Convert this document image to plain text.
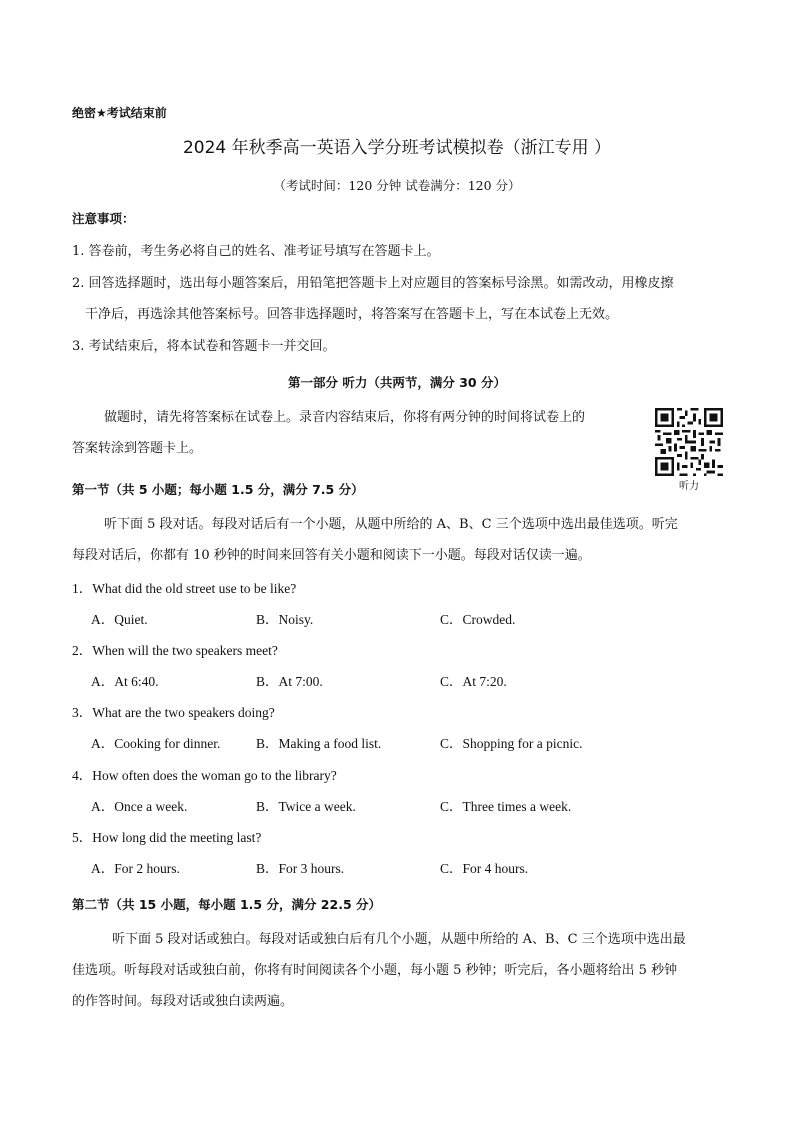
绝密★考试结束前
2024 年秋季高一英语入学分班考试模拟卷（浙江专用 ）
（考试时间：120 分钟 试卷满分：120 分）
注意事项：
1. 答卷前，考生务必将自己的姓名、准考证号填写在答题卡上。
2. 回答选择题时，选出每小题答案后，用铅笔把答题卡上对应题目的答案标号涂黑。如需改动，用橡皮擦
干净后，再选涂其他答案标号。回答非选择题时，将答案写在答题卡上，写在本试卷上无效。
3. 考试结束后，将本试卷和答题卡一并交回。
第一部分 听力（共两节，满分 30 分）
做题时，请先将答案标在试卷上。录音内容结束后，你将有两分钟的时间将试卷上的
答案转涂到答题卡上。
听力
第一节（共 5 小题；每小题 1.5 分，满分 7.5 分）
听下面 5 段对话。每段对话后有一个小题，从题中所给的 A、B、C 三个选项中选出最佳选项。听完
每段对话后，你都有 10 秒钟的时间来回答有关小题和阅读下一小题。每段对话仅读一遍。
1．What did the old street use to be like?
A．Quiet.	B．Noisy.	C．Crowded.
2．When will the two speakers meet?
A．At 6:40.	B．At 7:00.	C．At 7:20.
3．What are the two speakers doing?
A．Cooking for dinner.	B．Making a food list.	C．Shopping for a picnic.
4．How often does the woman go to the library?
A．Once a week.	B．Twice a week.	C．Three times a week.
5．How long did the meeting last?
A．For 2 hours.	B．For 3 hours.	C．For 4 hours.
第二节（共 15 小题，每小题 1.5 分，满分 22.5 分）
听下面 5 段对话或独白。每段对话或独白后有几个小题，从题中所给的 A、B、C 三个选项中选出最
佳选项。听每段对话或独白前，你将有时间阅读各个小题，每小题 5 秒钟；听完后，各小题将给出 5 秒钟
的作答时间。每段对话或独白读两遍。
